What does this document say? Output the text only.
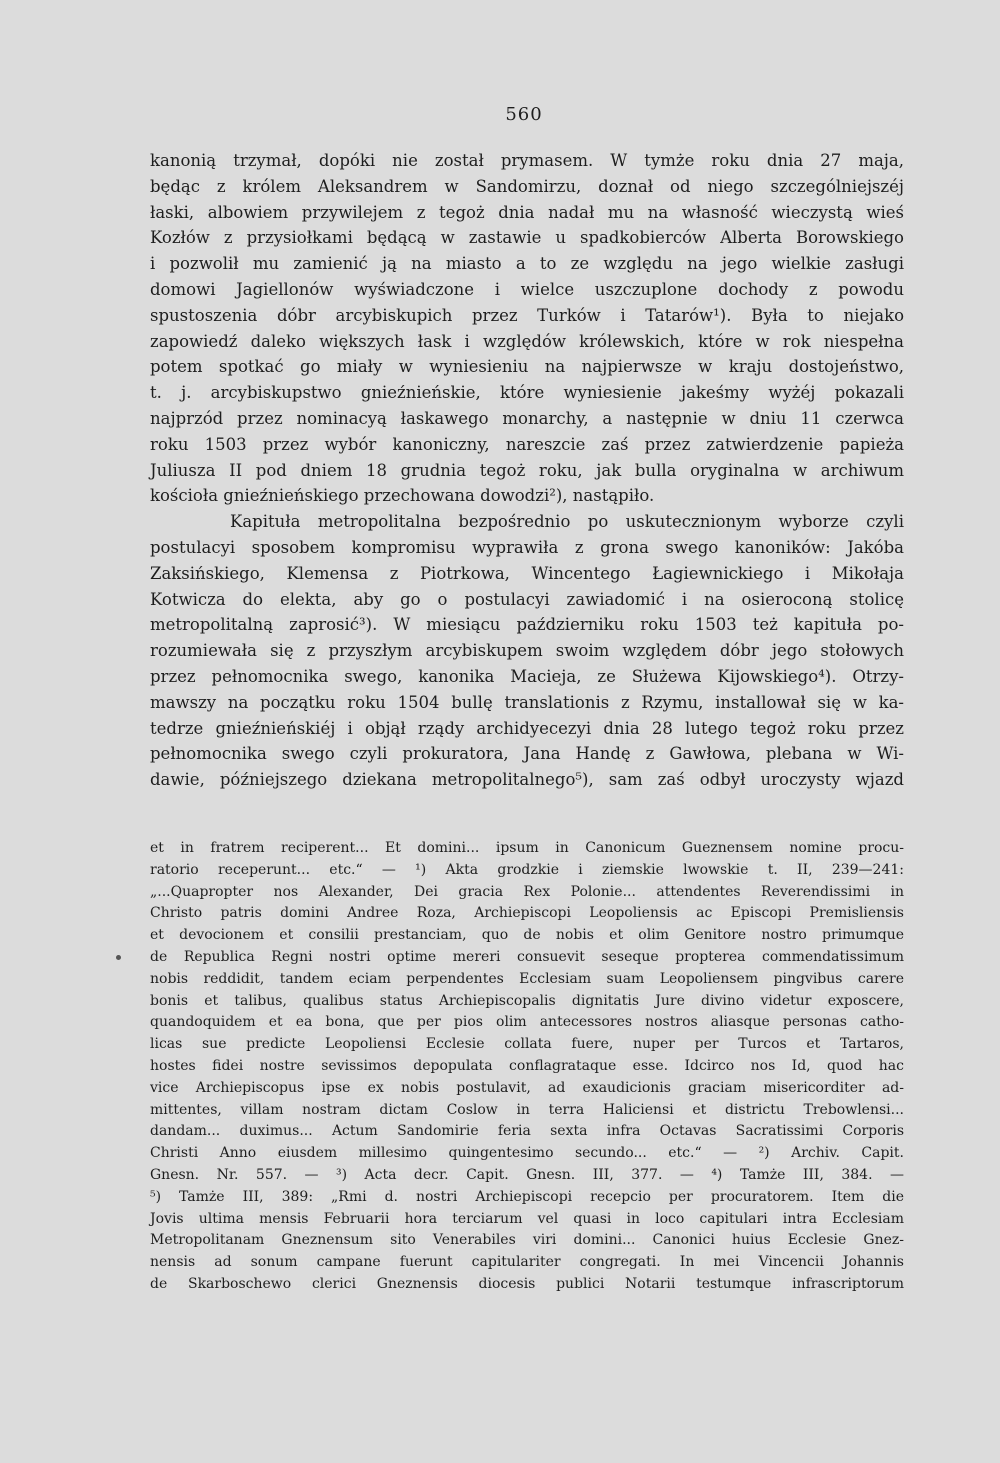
560
kanonią trzymał, dopóki nie został prymasem. W tymże roku dnia 27 maja,
będąc z królem Aleksandrem w Sandomirzu, doznał od niego szczególniejszéj
łaski, albowiem przywilejem z tegoż dnia nadał mu na własność wieczystą wieś
Kozłów z przysiołkami będącą w zastawie u spadkobierców Alberta Borowskiego
i pozwolił mu zamienić ją na miasto a to ze względu na jego wielkie zasługi
domowi Jagiellonów wyświadczone i wielce uszczuplone dochody z powodu
spustoszenia dóbr arcybiskupich przez Turków i Tatarów¹). Była to niejako
zapowiedź daleko większych łask i względów królewskich, które w rok niespełna
potem spotkać go miały w wyniesieniu na najpierwsze w kraju dostojeństwo,
t. j. arcybiskupstwo gnieźnieńskie, które wyniesienie jakeśmy wyżéj pokazali
najprzód przez nominacyą łaskawego monarchy, a następnie w dniu 11 czerwca
roku 1503 przez wybór kanoniczny, nareszcie zaś przez zatwierdzenie papieża
Juliusza II pod dniem 18 grudnia tegoż roku, jak bulla oryginalna w archiwum
kościoła gnieźnieńskiego przechowana dowodzi²), nastąpiło.
Kapituła metropolitalna bezpośrednio po uskutecznionym wyborze czyli
postulacyi sposobem kompromisu wyprawiła z grona swego kanoników: Jakóba
Zaksińskiego, Klemensa z Piotrkowa, Wincentego Łagiewnickiego i Mikołaja
Kotwicza do elekta, aby go o postulacyi zawiadomić i na osieroconą stolicę
metropolitalną zaprosić³). W miesiącu październiku roku 1503 też kapituła po-
rozumiewała się z przyszłym arcybiskupem swoim względem dóbr jego stołowych
przez pełnomocnika swego, kanonika Macieja, ze Służewa Kijowskiego⁴). Otrzy-
mawszy na początku roku 1504 bullę translationis z Rzymu, installował się w ka-
tedrze gnieźnieńskiéj i objął rządy archidyecezyi dnia 28 lutego tegoż roku przez
pełnomocnika swego czyli prokuratora, Jana Handę z Gawłowa, plebana w Wi-
dawie, późniejszego dziekana metropolitalnego⁵), sam zaś odbył uroczysty wjazd
et in fratrem reciperent... Et domini... ipsum in Canonicum Gueznensem nomine procu-
ratorio receperunt... etc.“ — ¹) Akta grodzkie i ziemskie lwowskie t. II, 239—241:
„...Quapropter nos Alexander, Dei gracia Rex Polonie... attendentes Reverendissimi in
Christo patris domini Andree Roza, Archiepiscopi Leopoliensis ac Episcopi Premisliensis
et devocionem et consilii prestanciam, quo de nobis et olim Genitore nostro primumque
de Republica Regni nostri optime mereri consuevit seseque propterea commendatissimum
nobis reddidit, tandem eciam perpendentes Ecclesiam suam Leopoliensem pingvibus carere
bonis et talibus, qualibus status Archiepiscopalis dignitatis Jure divino videtur exposcere,
quandoquidem et ea bona, que per pios olim antecessores nostros aliasque personas catho-
licas sue predicte Leopoliensi Ecclesie collata fuere, nuper per Turcos et Tartaros,
hostes fidei nostre sevissimos depopulata conflagrataque esse. Idcirco nos Id, quod hac
vice Archiepiscopus ipse ex nobis postulavit, ad exaudicionis graciam misericorditer ad-
mittentes, villam nostram dictam Coslow in terra Haliciensi et districtu Trebowlensi...
dandam... duximus... Actum Sandomirie feria sexta infra Octavas Sacratissimi Corporis
Christi Anno eiusdem millesimo quingentesimo secundo... etc.“ — ²) Archiv. Capit.
Gnesn. Nr. 557. — ³) Acta decr. Capit. Gnesn. III, 377. — ⁴) Tamże III, 384. —
⁵) Tamże III, 389: „Rmi d. nostri Archiepiscopi recepcio per procuratorem. Item die
Jovis ultima mensis Februarii hora terciarum vel quasi in loco capitulari intra Ecclesiam
Metropolitanam Gneznensum sito Venerabiles viri domini... Canonici huius Ecclesie Gnez-
nensis ad sonum campane fuerunt capitulariter congregati. In mei Vincencii Johannis
de Skarboschewo clerici Gneznensis diocesis publici Notarii testumque infrascriptorum
